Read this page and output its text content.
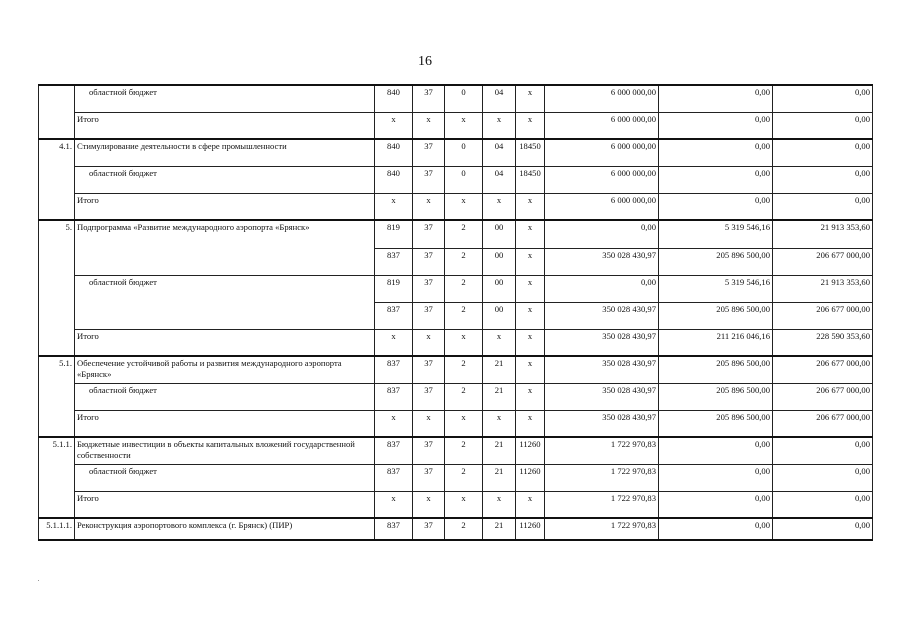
16
	областной бюджет	840	37	0	04	х	6 000 000,00	0,00	0,00
	Итого	х	х	х	х	х	6 000 000,00	0,00	0,00
4.1.	Стимулирование деятельности в сфере промышленности	840	37	0	04	18450	6 000 000,00	0,00	0,00
	областной бюджет	840	37	0	04	18450	6 000 000,00	0,00	0,00
	Итого	х	х	х	х	х	6 000 000,00	0,00	0,00
5.	Подпрограмма «Развитие международного аэропорта «Брянск»	819	37	2	00	х	0,00	5 319 546,16	21 913 353,60
		837	37	2	00	х	350 028 430,97	205 896 500,00	206 677 000,00
	областной бюджет	819	37	2	00	х	0,00	5 319 546,16	21 913 353,60
		837	37	2	00	х	350 028 430,97	205 896 500,00	206 677 000,00
	Итого	х	х	х	х	х	350 028 430,97	211 216 046,16	228 590 353,60
5.1.	Обеспечение устойчивой работы и развития международного аэропорта «Брянск»	837	37	2	21	х	350 028 430,97	205 896 500,00	206 677 000,00
	областной бюджет	837	37	2	21	х	350 028 430,97	205 896 500,00	206 677 000,00
	Итого	х	х	х	х	х	350 028 430,97	205 896 500,00	206 677 000,00
5.1.1.	Бюджетные инвестиции в объекты капитальных вложений государственной собственности	837	37	2	21	11260	1 722 970,83	0,00	0,00
	областной бюджет	837	37	2	21	11260	1 722 970,83	0,00	0,00
	Итого	х	х	х	х	х	1 722 970,83	0,00	0,00
5.1.1.1.	Реконструкция аэропортового комплекса (г. Брянск) (ПИР)	837	37	2	21	11260	1 722 970,83	0,00	0,00
